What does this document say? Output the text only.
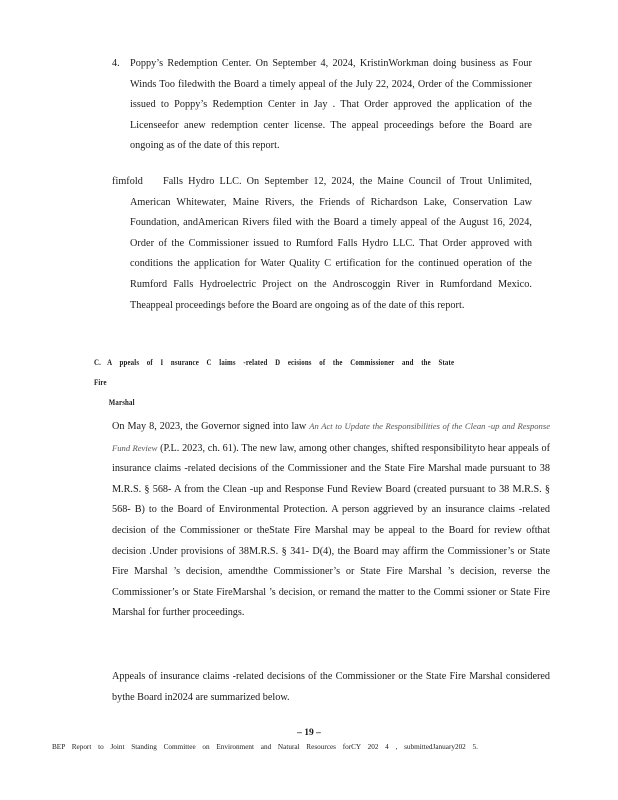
4. Poppy’s Redemption Center. On September 4, 2024, KristinWorkman doing business as Four Winds Too filedwith the Board a timely appeal of the July 22, 2024, Order of the Commissioner issued to Poppy’s Redemption Center in Jay . That Order approved the application of the Licenseefor anew redemption center license. The appeal proceedings before the Board are ongoing as of the date of this report.
fimfold	Falls Hydro LLC. On September 12, 2024, the Maine Council of Trout Unlimited, American Whitewater, Maine Rivers, the Friends of Richardson Lake, Conservation Law Foundation, andAmerican Rivers filed with the Board a timely appeal of the August 16, 2024, Order of the Commissioner issued to Rumford Falls Hydro LLC. That Order approved with conditions the application for Water Quality C ertification for the continued operation of the Rumford Falls Hydroelectric Project on the Androscoggin River in Rumfordand Mexico. Theappeal proceedings before the Board are ongoing as of the date of this report.
C. A ppeals of I nsurance C laims -related D ecisions of the Commissioner and the State Fire
Marshal
On May 8, 2023, the Governor signed into law An Act to Update the Responsibilities of the Clean -up and Response Fund Review (P.L. 2023, ch. 61). The new law, among other changes, shifted responsibilityto hear appeals of insurance claims -related decisions of the Commissioner and the State Fire Marshal made pursuant to 38 M.R.S. § 568- A from the Clean -up and Response Fund Review Board (created pursuant to 38 M.R.S. § 568- B) to the Board of Environmental Protection. A person aggrieved by an insurance claims -related decision of the Commissioner or theState Fire Marshal may be appeal to the Board for review ofthat decision .Under provisions of 38M.R.S. § 341- D(4), the Board may affirm the Commissioner’s or State Fire Marshal ’s decision, amendthe Commissioner’s or State Fire Marshal ’s decision, reverse the Commissioner’s or State FireMarshal ’s decision, or remand the matter to the Commi ssioner or State Fire Marshal for further proceedings.
Appeals of insurance claims -related decisions of the Commissioner or the State Fire Marshal considered bythe Board in2024 are summarized below.
– 19 –
BEP Report to Joint Standing Committee on Environment and Natural Resources forCY 202 4 , submittedJanuary202 5.
